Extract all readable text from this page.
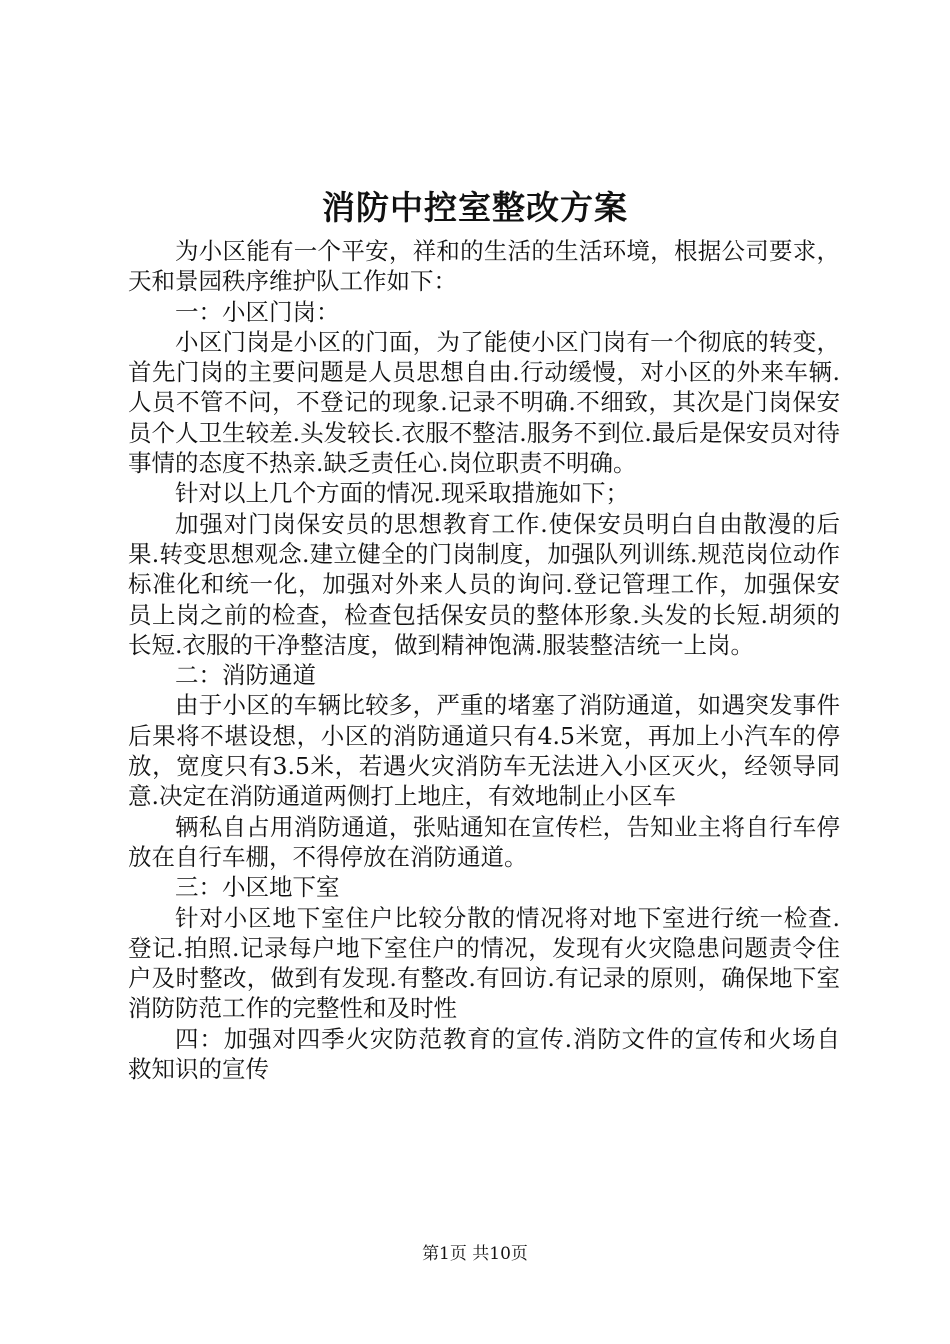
消防中控室整改方案

为小区能有一个平安，祥和的生活的生活环境，根据公司要求，天和景园秩序维护队工作如下：

一：小区门岗：

小区门岗是小区的门面，为了能使小区门岗有一个彻底的转变，首先门岗的主要问题是人员思想自由.行动缓慢，对小区的外来车辆.人员不管不问，不登记的现象.记录不明确.不细致，其次是门岗保安员个人卫生较差.头发较长.衣服不整洁.服务不到位.最后是保安员对待事情的态度不热亲.缺乏责任心.岗位职责不明确。

针对以上几个方面的情况.现采取措施如下；

加强对门岗保安员的思想教育工作.使保安员明白自由散漫的后果.转变思想观念.建立健全的门岗制度，加强队列训练.规范岗位动作标准化和统一化，加强对外来人员的询问.登记管理工作，加强保安员上岗之前的检查，检查包括保安员的整体形象.头发的长短.胡须的长短.衣服的干净整洁度，做到精神饱满.服装整洁统一上岗。

二：消防通道

由于小区的车辆比较多，严重的堵塞了消防通道，如遇突发事件后果将不堪设想，小区的消防通道只有4.5米宽，再加上小汽车的停放，宽度只有3.5米，若遇火灾消防车无法进入小区灭火，经领导同意.决定在消防通道两侧打上地庄，有效地制止小区车

辆私自占用消防通道，张贴通知在宣传栏，告知业主将自行车停放在自行车棚，不得停放在消防通道。

三：小区地下室

针对小区地下室住户比较分散的情况将对地下室进行统一检查.登记.拍照.记录每户地下室住户的情况，发现有火灾隐患问题责令住户及时整改，做到有发现.有整改.有回访.有记录的原则，确保地下室消防防范工作的完整性和及时性

四：加强对四季火灾防范教育的宣传.消防文件的宣传和火场自救知识的宣传

第1页 共10页
